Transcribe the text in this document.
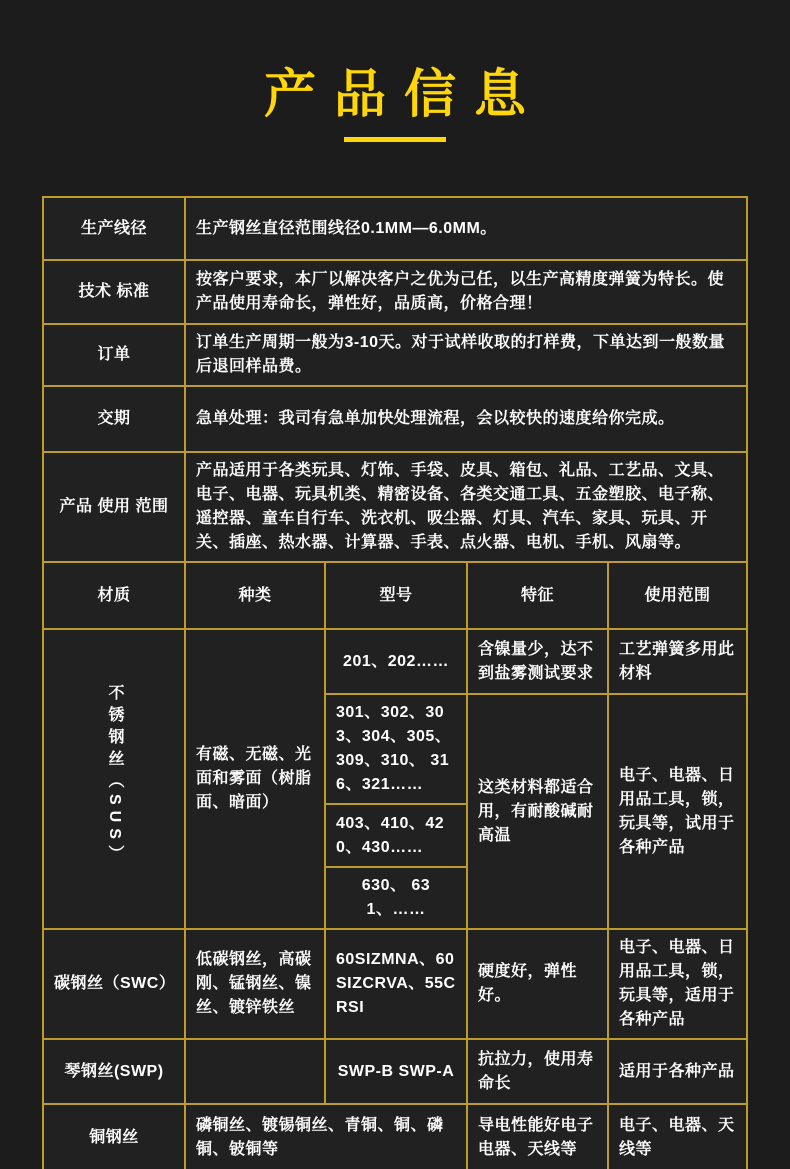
产品信息
生产线径	生产钢丝直径范围线径0.1MM—6.0MM。			
技术 标准	按客户要求，本厂以解决客户之优为己任，以生产高精度弹簧为特长。使产品使用寿命长，弹性好，品质高，价格合理！			
订单	订单生产周期一般为3-10天。对于试样收取的打样费，下单达到一般数量后退回样品费。			
交期	急单处理：我司有急单加快处理流程，会以较快的速度给你完成。			
产品 使用 范围	产品适用于各类玩具、灯饰、手袋、皮具、箱包、礼品、工艺品、文具、电子、电器、玩具机类、精密设备、各类交通工具、五金塑胶、电子称、遥控器、童车自行车、洗衣机、吸尘器、灯具、汽车、家具、玩具、开关、插座、热水器、计算器、手表、点火器、电机、手机、风扇等。			
材质	种类	型号	特征	使用范围
不锈钢丝（SUS）	有磁、无磁、光面和雾面（树脂面、暗面）	201、202……	含镍量少，达不到盐雾测试要求	工艺弹簧多用此材料
		301、302、303、304、305、 309、310、 316、321……	这类材料都适合用，有耐酸碱耐高温	电子、电器、日用品工具，锁，玩具等，试用于各种产品
		403、410、420、430……		
		630、 631、……		
碳钢丝（SWC）	低碳钢丝，高碳刚、锰钢丝、镍丝、镀锌铁丝	60SIZMNA、60SIZCRVA、55CRSI	硬度好，弹性好。	电子、电器、日用品工具，锁，玩具等，适用于各种产品
琴钢丝(SWP)		SWP-B SWP-A	抗拉力，使用寿命长	适用于各种产品
铜钢丝	磷铜丝、镀锡铜丝、青铜、铜、磷铜、铍铜等		导电性能好电子电器、天线等	电子、电器、天线等
